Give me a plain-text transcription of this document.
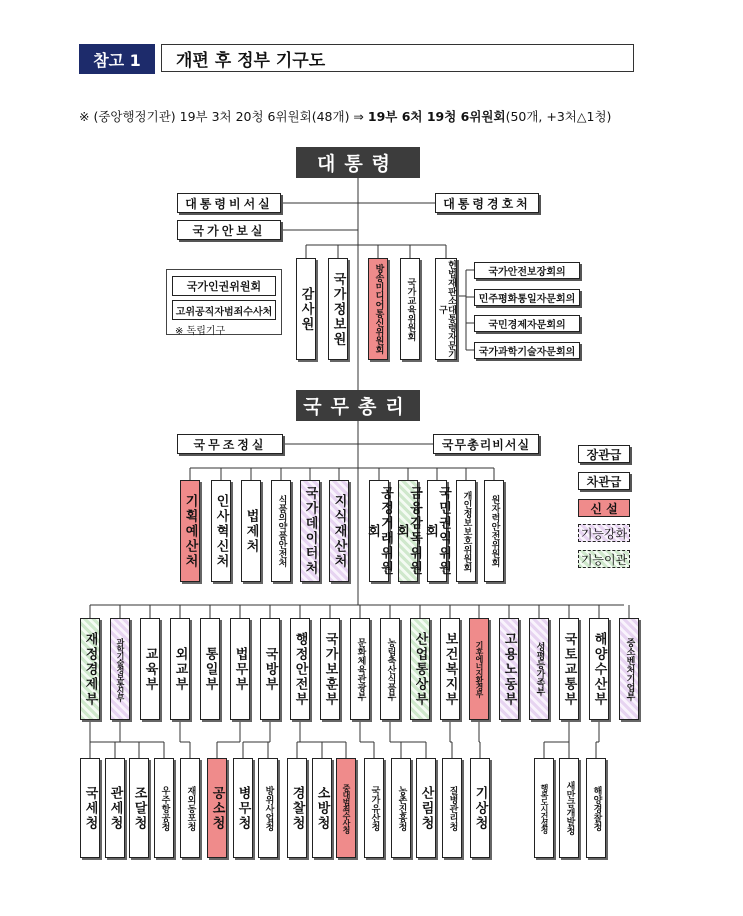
참고 1	개편 후 정부 기구도
※ (중앙행정기관) 19부 3처 20청 6위원회(48개) ⇒ 19부 6처 19청 6위원회(50개, +3처△1청)
대통령
대통령비서실	대통령경호처
국가안보실
국가인권위원회
고위공직자범죄수사처
※ 독립기구	감사원 국가정보원	방송미디어통신위원회	국가교육위원회	헌법재판소대통령자문기구
국가안전보장회의
민주평화통일자문회의
국민경제자문회의
국가과학기술자문회의
국무총리
국무조정실	국무총리비서실
장관급
차관급
신 설
기능강화
기능이관
기획예산처 인사혁신처 법제처	식품의약품안전처	국가데이터처 지식재산처	공정거래위원회	금융감독위원회	국민권익위원회	개인정보보호위원회	원자력안전위원회
재정경제부	과학기술정보통신부	교육부 외교부 통일부 법무부 국방부 행정안전부 국가보훈부	문화체육관광부	농림축산식품부	산업통상부 보건복지부	기후에너지환경부	고용노동부	성평등가족부	국토교통부 해양수산부	중소벤처기업부
국세청 관세청 조달청	우주항공청	재외동포청	공소청 병무청	방위사업청	경찰청 소방청	중대범죄수사청	국가유산청	농촌진흥청 산림청	질병관리청	기상청	행복도시건설청	새만금개발청	해양경찰청
